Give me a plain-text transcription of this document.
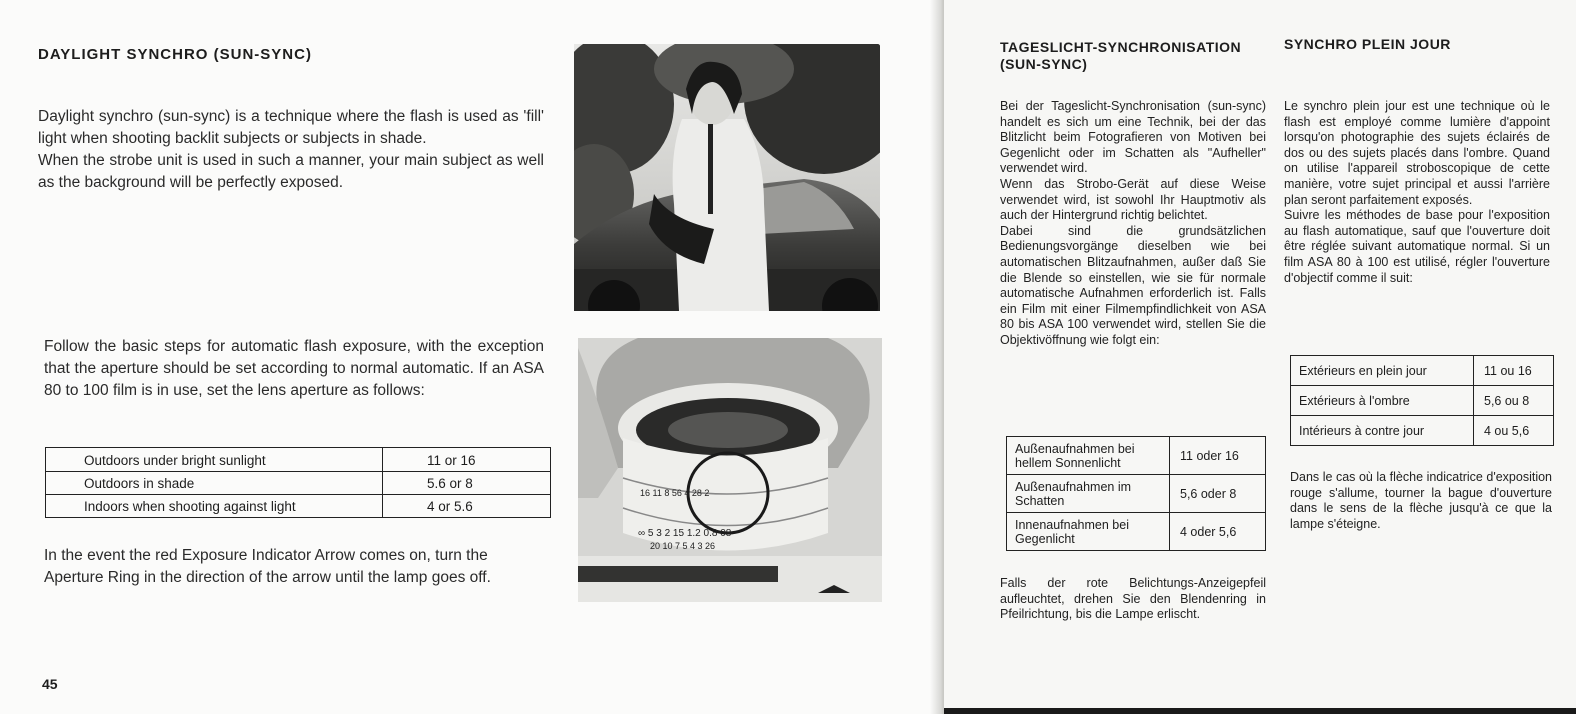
DAYLIGHT SYNCHRO (SUN-SYNC)

Daylight synchro (sun-sync) is a technique where the flash is used as 'fill' light when shooting backlit subjects or subjects in shade.

When the strobe unit is used in such a manner, your main subject as well as the background will be perfectly exposed.

Follow the basic steps for automatic flash exposure, with the exception that the aperture should be set according to normal automatic. If an ASA 80 to 100 film is in use, set the lens aperture as follows:

Outdoors under bright sunlight	11 or 16
Outdoors in shade	5.6 or 8
Indoors when shooting against light	4 or 5.6

In the event the red Exposure Indicator Arrow comes on, turn the Aperture Ring in the direction of the arrow until the lamp goes off.

45
16 11 8 56 4 28 2
∞ 5 3 2 15 1.2 0.8 08
20 10 7 5 4 3 26
TAGESLICHT-SYNCHRONISATION (SUN-SYNC)

Bei der Tageslicht-Synchronisation (sun-sync) handelt es sich um eine Technik, bei der das Blitzlicht beim Fotografieren von Motiven bei Gegenlicht oder im Schatten als "Aufheller" verwendet wird.

Wenn das Strobo-Gerät auf diese Weise verwendet wird, ist sowohl Ihr Hauptmotiv als auch der Hintergrund richtig belichtet.

Dabei sind die grundsätzlichen Bedienungsvorgänge dieselben wie bei automatischen Blitzaufnahmen, außer daß Sie die Blende so einstellen, wie sie für normale automatische Aufnahmen erforderlich ist. Falls ein Film mit einer Filmempfindlichkeit von ASA 80 bis ASA 100 verwendet wird, stellen Sie die Objektivöffnung wie folgt ein:

Außenaufnahmen bei hellem Sonnenlicht	11 oder 16
Außenaufnahmen im Schatten	5,6 oder 8
Innenaufnahmen bei Gegenlicht	4 oder 5,6

Falls der rote Belichtungs-Anzeigepfeil aufleuchtet, drehen Sie den Blendenring in Pfeilrichtung, bis die Lampe erlischt.

SYNCHRO PLEIN JOUR

Le synchro plein jour est une technique où le flash est employé comme lumière d'appoint lorsqu'on photographie des sujets éclairés de dos ou des sujets placés dans l'ombre. Quand on utilise l'appareil stroboscopique de cette manière, votre sujet principal et aussi l'arrière plan seront parfaitement exposés.

Suivre les méthodes de base pour l'exposition au flash automatique, sauf que l'ouverture doit être réglée suivant automatique normal. Si un film ASA 80 à 100 est utilisé, régler l'ouverture d'objectif comme il suit:

Extérieurs en plein jour	11 ou 16
Extérieurs à l'ombre	5,6 ou 8
Intérieurs à contre jour	4 ou 5,6

Dans le cas où la flèche indicatrice d'exposition rouge s'allume, tourner la bague d'ouverture dans le sens de la flèche jusqu'à ce que la lampe s'éteigne.
